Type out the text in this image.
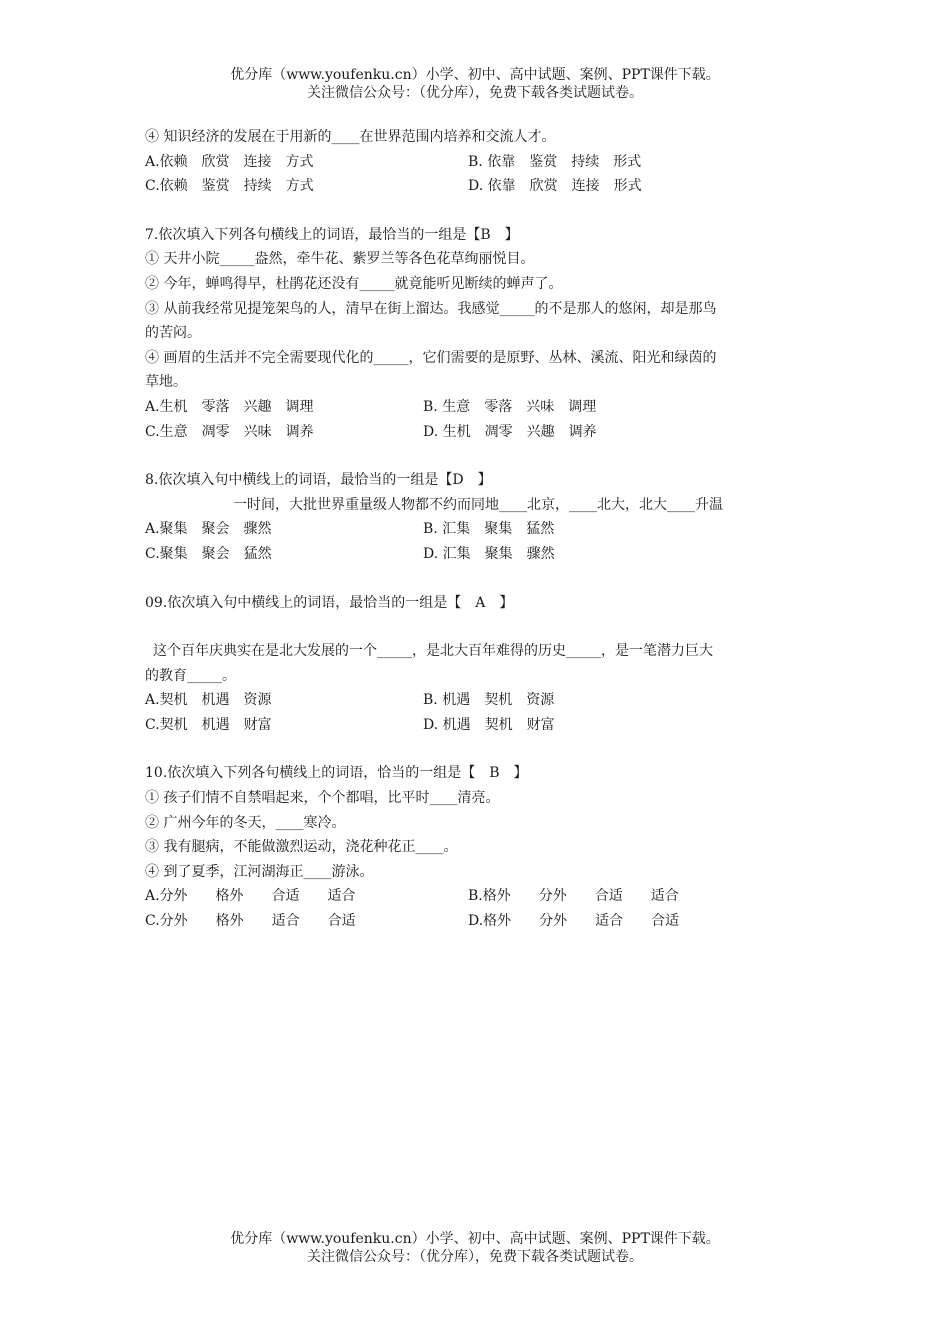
优分库（www.youfenku.cn）小学、初中、高中试题、案例、PPT课件下载。
关注微信公众号：（优分库），免费下载各类试题试卷。
④ 知识经济的发展在于用新的____在世界范围内培养和交流人才。
A.依赖　欣赏　连接　方式	B. 依靠　鉴赏　持续　形式
C.依赖　鉴赏　持续　方式	D. 依靠　欣赏　连接　形式
7.依次填入下列各句横线上的词语，最恰当的一组是【B　】
① 天井小院_____盎然，牵牛花、紫罗兰等各色花草绚丽悦目。
② 今年，蝉鸣得早，杜鹃花还没有_____就竟能听见断续的蝉声了。
③ 从前我经常见提笼架鸟的人，清早在街上溜达。我感觉_____的不是那人的悠闲，却是那鸟
的苦闷。
④ 画眉的生活并不完全需要现代化的_____，它们需要的是原野、丛林、溪流、阳光和绿茵的
草地。
A.生机　零落　兴趣　调理	B. 生意　零落　兴味　调理
C.生意　凋零　兴味　调养	D. 生机　凋零　兴趣　调养
8.依次填入句中横线上的词语，最恰当的一组是【D　】
一时间，大批世界重量级人物都不约而同地____北京，____北大，北大____升温
A.聚集　聚会　骤然	B. 汇集　聚集　猛然
C.聚集　聚会　猛然	D. 汇集　聚集　骤然
09.依次填入句中横线上的词语，最恰当的一组是【　A　】
这个百年庆典实在是北大发展的一个_____，是北大百年难得的历史_____，是一笔潜力巨大
的教育_____。
A.契机　机遇　资源	B. 机遇　契机　资源
C.契机　机遇　财富	D. 机遇　契机　财富
10.依次填入下列各句横线上的词语，恰当的一组是【　B　】
① 孩子们情不自禁唱起来，个个都唱，比平时____清亮。
② 广州今年的冬天，____寒冷。
③ 我有腿病，不能做激烈运动，浇花种花正____。
④ 到了夏季，江河湖海正____游泳。
A.分外　　格外　　合适　　适合	B.格外　　分外　　合适　　适合
C.分外　　格外　　适合　　合适	D.格外　　分外　　适合　　合适
优分库（www.youfenku.cn）小学、初中、高中试题、案例、PPT课件下载。
关注微信公众号：（优分库），免费下载各类试题试卷。
